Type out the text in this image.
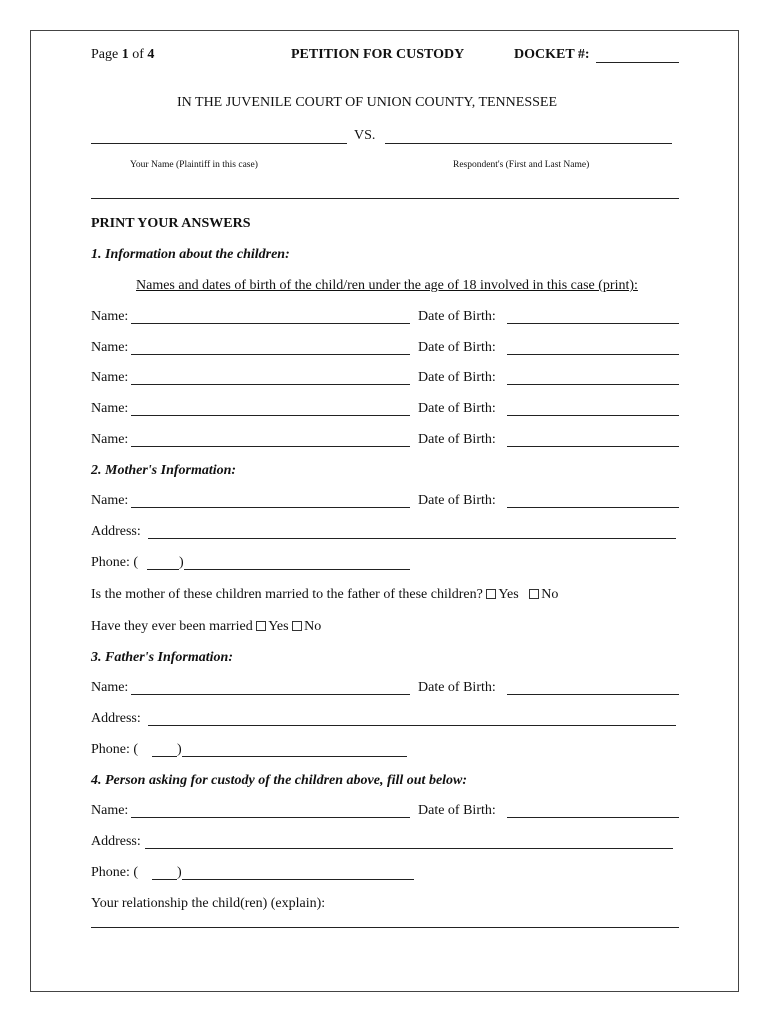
Page 1 of 4	PETITION FOR CUSTODY	DOCKET #:
IN THE JUVENILE COURT OF UNION COUNTY, TENNESSEE
VS.
Your Name (Plaintiff in this case)	Respondent's (First and Last Name)
PRINT YOUR ANSWERS
1. Information about the children:
Names and dates of birth of the child/ren under the age of 18 involved in this case (print):
Name:	Date of Birth:
Name:	Date of Birth:
Name:	Date of Birth:
Name:	Date of Birth:
Name:	Date of Birth:
2. Mother's Information:
Name:	Date of Birth:
Address:
Phone: (	)
Is the mother of these children married to the father of these children? Yes No
Have they ever been married Yes No
3. Father's Information:
Name:	Date of Birth:
Address:
Phone: (	)
4. Person asking for custody of the children above, fill out below:
Name:	Date of Birth:
Address:
Phone: (	)
Your relationship the child(ren) (explain):
